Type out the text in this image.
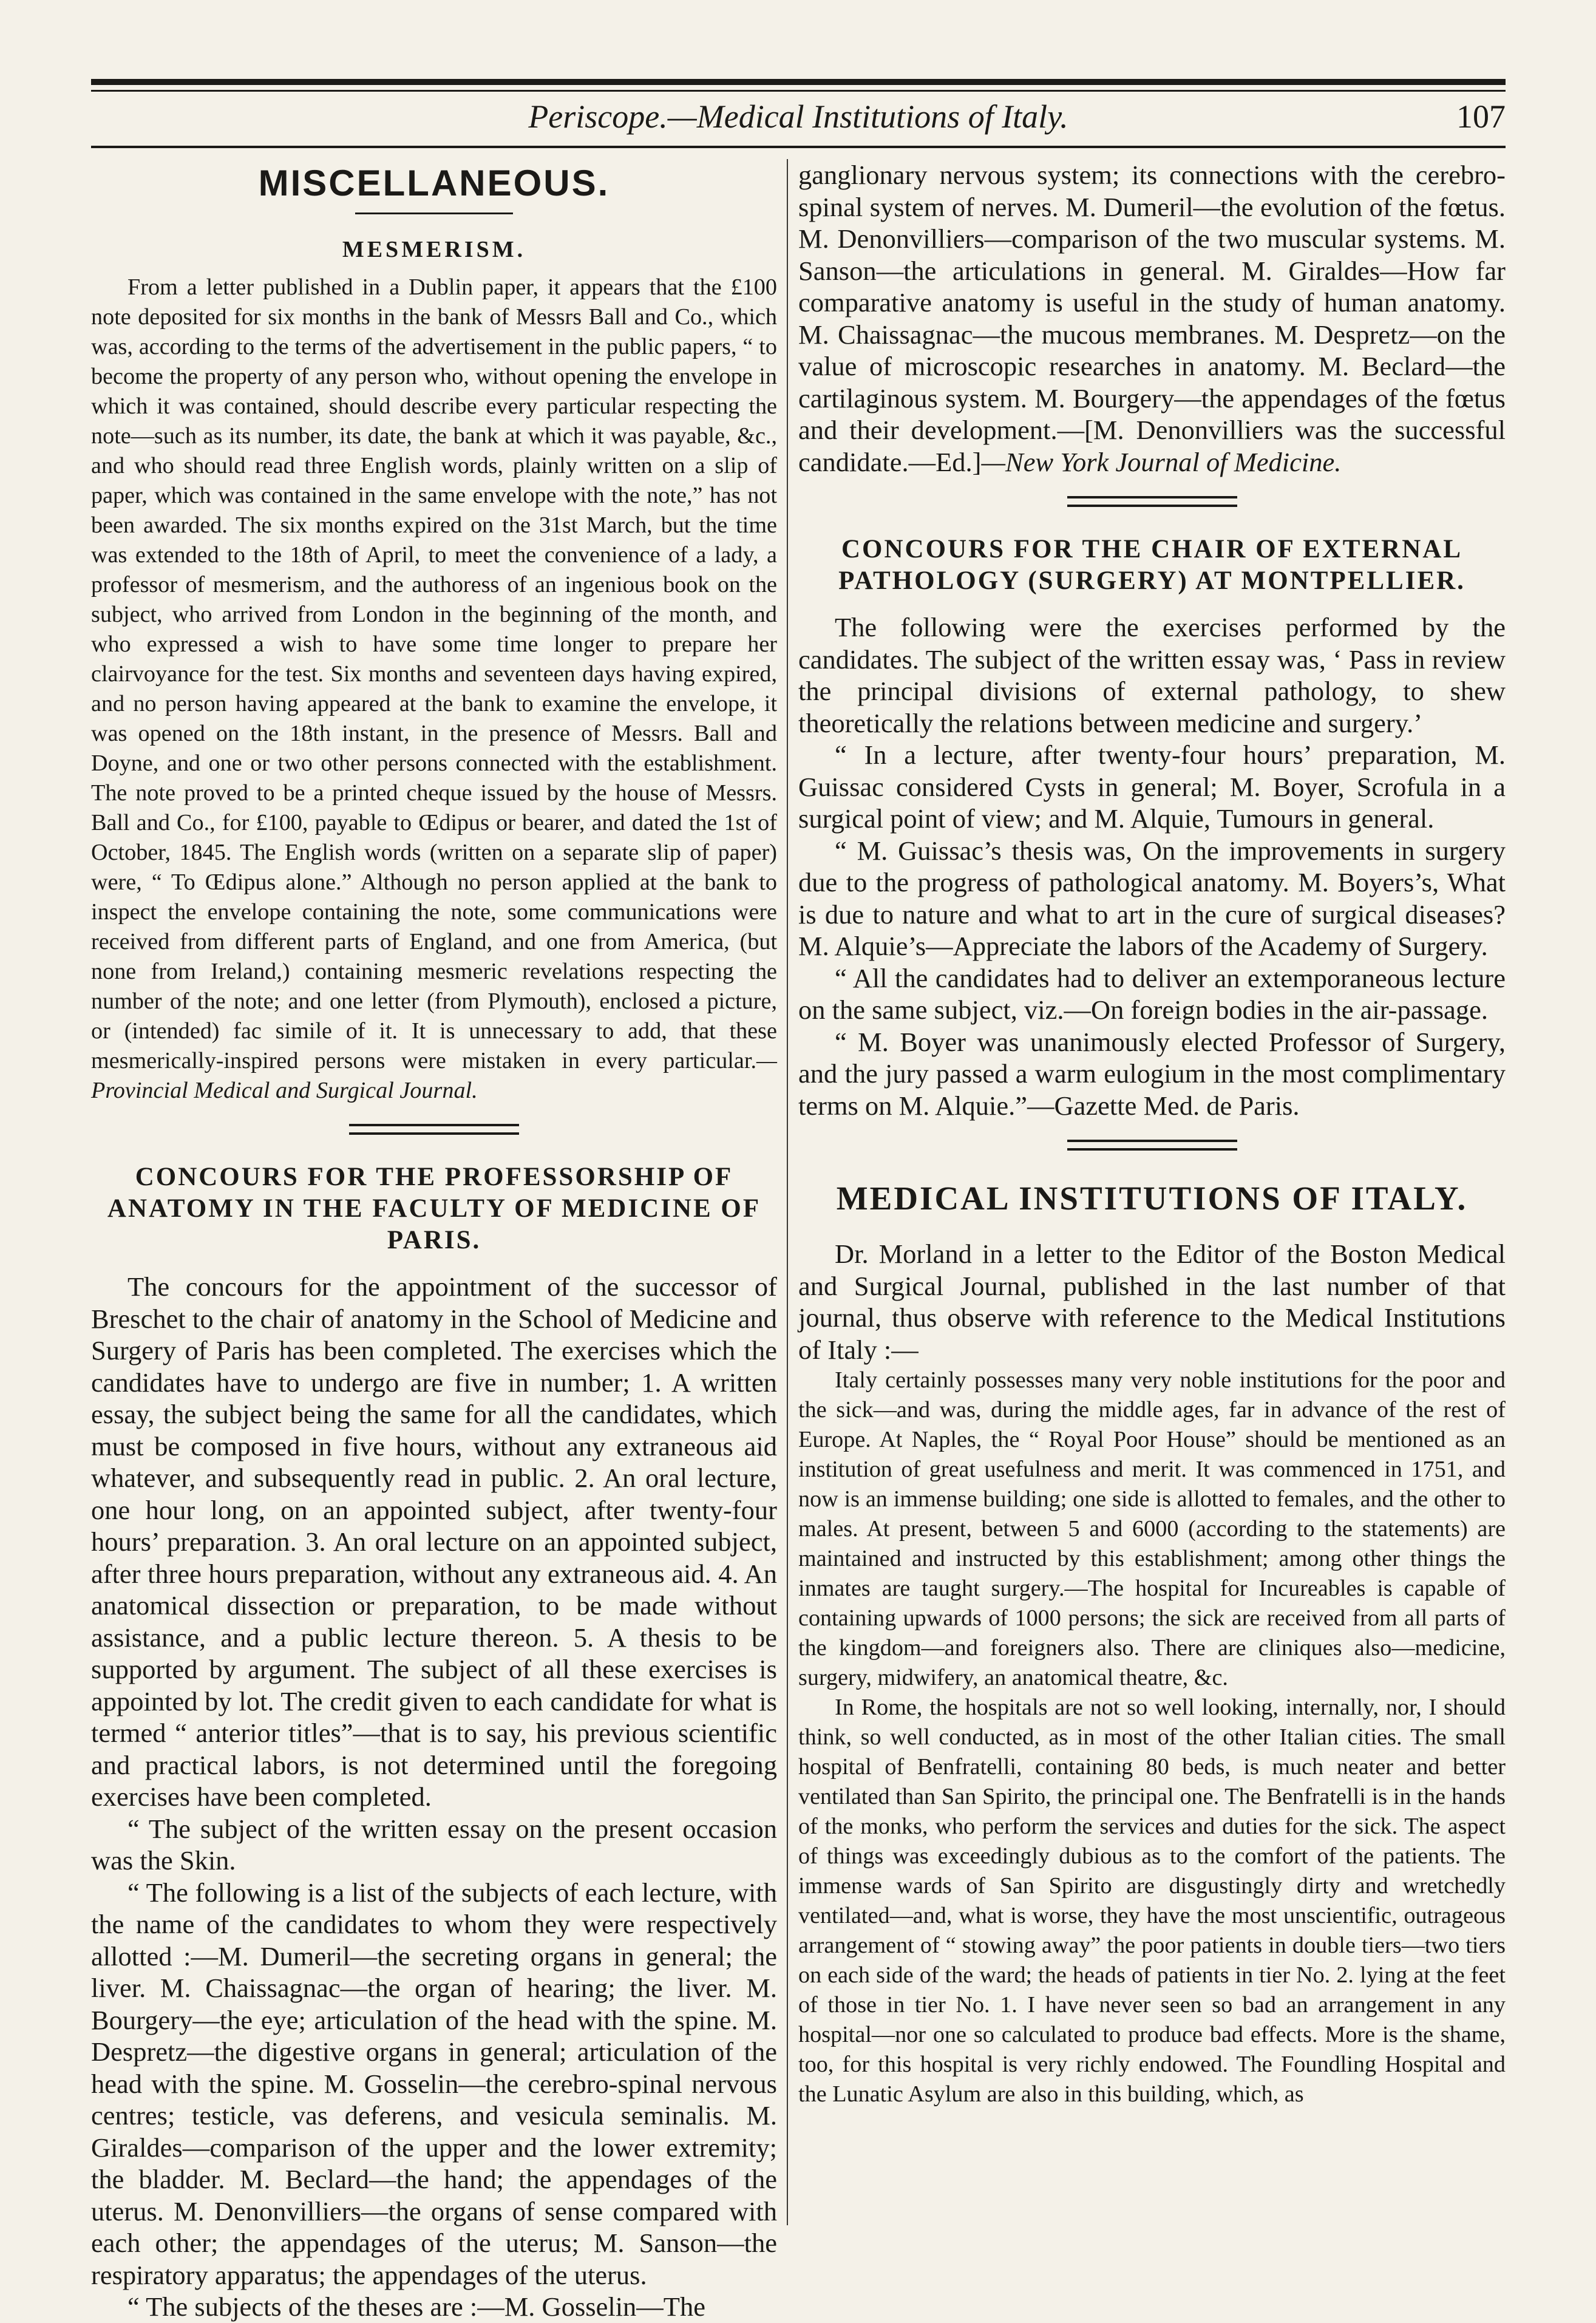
Periscope.—Medical Institutions of Italy.	107
MISCELLANEOUS.
MESMERISM.

From a letter published in a Dublin paper, it appears that the £100 note deposited for six months in the bank of Messrs Ball and Co., which was, according to the terms of the advertisement in the public papers, “ to become the property of any person who, without opening the envelope in which it was contained, should describe every particular respecting the note—such as its number, its date, the bank at which it was payable, &c., and who should read three English words, plainly written on a slip of paper, which was contained in the same envelope with the note,” has not been awarded. The six months expired on the 31st March, but the time was extended to the 18th of April, to meet the convenience of a lady, a professor of mesmerism, and the authoress of an ingenious book on the subject, who arrived from London in the beginning of the month, and who expressed a wish to have some time longer to prepare her clairvoyance for the test. Six months and seventeen days having expired, and no person having appeared at the bank to examine the envelope, it was opened on the 18th instant, in the presence of Messrs. Ball and Doyne, and one or two other persons connected with the establishment. The note proved to be a printed cheque issued by the house of Messrs. Ball and Co., for £100, payable to Œdipus or bearer, and dated the 1st of October, 1845. The English words (written on a separate slip of paper) were, “ To Œdipus alone.” Although no person applied at the bank to inspect the envelope containing the note, some communications were received from different parts of England, and one from America, (but none from Ireland,) containing mesmeric revelations respecting the number of the note; and one letter (from Plymouth), enclosed a picture, or (intended) fac simile of it. It is unnecessary to add, that these mesmerically-inspired persons were mistaken in every particular.—Provincial Medical and Surgical Journal.

CONCOURS FOR THE PROFESSORSHIP OF ANATOMY IN THE FACULTY OF MEDICINE OF PARIS.

The concours for the appointment of the successor of Breschet to the chair of anatomy in the School of Medicine and Surgery of Paris has been completed. The exercises which the candidates have to undergo are five in number; 1. A written essay, the subject being the same for all the candidates, which must be composed in five hours, without any extraneous aid whatever, and subsequently read in public. 2. An oral lecture, one hour long, on an appointed subject, after twenty-four hours’ preparation. 3. An oral lecture on an appointed subject, after three hours preparation, without any extraneous aid. 4. An anatomical dissection or preparation, to be made without assistance, and a public lecture thereon. 5. A thesis to be supported by argument. The subject of all these exercises is appointed by lot. The credit given to each candidate for what is termed “ anterior titles”—that is to say, his previous scientific and practical labors, is not determined until the foregoing exercises have been completed.

“ The subject of the written essay on the present occasion was the Skin.

“ The following is a list of the subjects of each lecture, with the name of the candidates to whom they were respectively allotted :—M. Dumeril—the secreting organs in general; the liver. M. Chaissagnac—the organ of hearing; the liver. M. Bourgery—the eye; articulation of the head with the spine. M. Despretz—the digestive organs in general; articulation of the head with the spine. M. Gosselin—the cerebro-spinal nervous centres; testicle, vas deferens, and vesicula seminalis. M. Giraldes—comparison of the upper and the lower extremity; the bladder. M. Beclard—the hand; the appendages of the uterus. M. Denonvilliers—the organs of sense compared with each other; the appendages of the uterus; M. Sanson—the respiratory apparatus; the appendages of the uterus.

“ The subjects of the theses are :—M. Gosselin—The

ganglionary nervous system; its connections with the cerebro-spinal system of nerves. M. Dumeril—the evolution of the fœtus. M. Denonvilliers—comparison of the two muscular systems. M. Sanson—the articulations in general. M. Giraldes—How far comparative anatomy is useful in the study of human anatomy. M. Chaissagnac—the mucous membranes. M. Despretz—on the value of microscopic researches in anatomy. M. Beclard—the cartilaginous system. M. Bourgery—the appendages of the fœtus and their development.—[M. Denonvilliers was the successful candidate.—Ed.]—New York Journal of Medicine.

CONCOURS FOR THE CHAIR OF EXTERNAL PATHOLOGY (SURGERY) AT MONTPELLIER.

The following were the exercises performed by the candidates. The subject of the written essay was, ‘ Pass in review the principal divisions of external pathology, to shew theoretically the relations between medicine and surgery.’

“ In a lecture, after twenty-four hours’ preparation, M. Guissac considered Cysts in general; M. Boyer, Scrofula in a surgical point of view; and M. Alquie, Tumours in general.

“ M. Guissac’s thesis was, On the improvements in surgery due to the progress of pathological anatomy. M. Boyers’s, What is due to nature and what to art in the cure of surgical diseases? M. Alquie’s—Appreciate the labors of the Academy of Surgery.

“ All the candidates had to deliver an extemporaneous lecture on the same subject, viz.—On foreign bodies in the air-passage.

“ M. Boyer was unanimously elected Professor of Surgery, and the jury passed a warm eulogium in the most complimentary terms on M. Alquie.”—Gazette Med. de Paris.

MEDICAL INSTITUTIONS OF ITALY.

Dr. Morland in a letter to the Editor of the Boston Medical and Surgical Journal, published in the last number of that journal, thus observe with reference to the Medical Institutions of Italy :—

Italy certainly possesses many very noble institutions for the poor and the sick—and was, during the middle ages, far in advance of the rest of Europe. At Naples, the “ Royal Poor House” should be mentioned as an institution of great usefulness and merit. It was commenced in 1751, and now is an immense building; one side is allotted to females, and the other to males. At present, between 5 and 6000 (according to the statements) are maintained and instructed by this establishment; among other things the inmates are taught surgery.—The hospital for Incureables is capable of containing upwards of 1000 persons; the sick are received from all parts of the kingdom—and foreigners also. There are cliniques also—medicine, surgery, midwifery, an anatomical theatre, &c.

In Rome, the hospitals are not so well looking, internally, nor, I should think, so well conducted, as in most of the other Italian cities. The small hospital of Benfratelli, containing 80 beds, is much neater and better ventilated than San Spirito, the principal one. The Benfratelli is in the hands of the monks, who perform the services and duties for the sick. The aspect of things was exceedingly dubious as to the comfort of the patients. The immense wards of San Spirito are disgustingly dirty and wretchedly ventilated—and, what is worse, they have the most unscientific, outrageous arrangement of “ stowing away” the poor patients in double tiers—two tiers on each side of the ward; the heads of patients in tier No. 2. lying at the feet of those in tier No. 1. I have never seen so bad an arrangement in any hospital—nor one so calculated to produce bad effects. More is the shame, too, for this hospital is very richly endowed. The Foundling Hospital and the Lunatic Asylum are also in this building, which, as
